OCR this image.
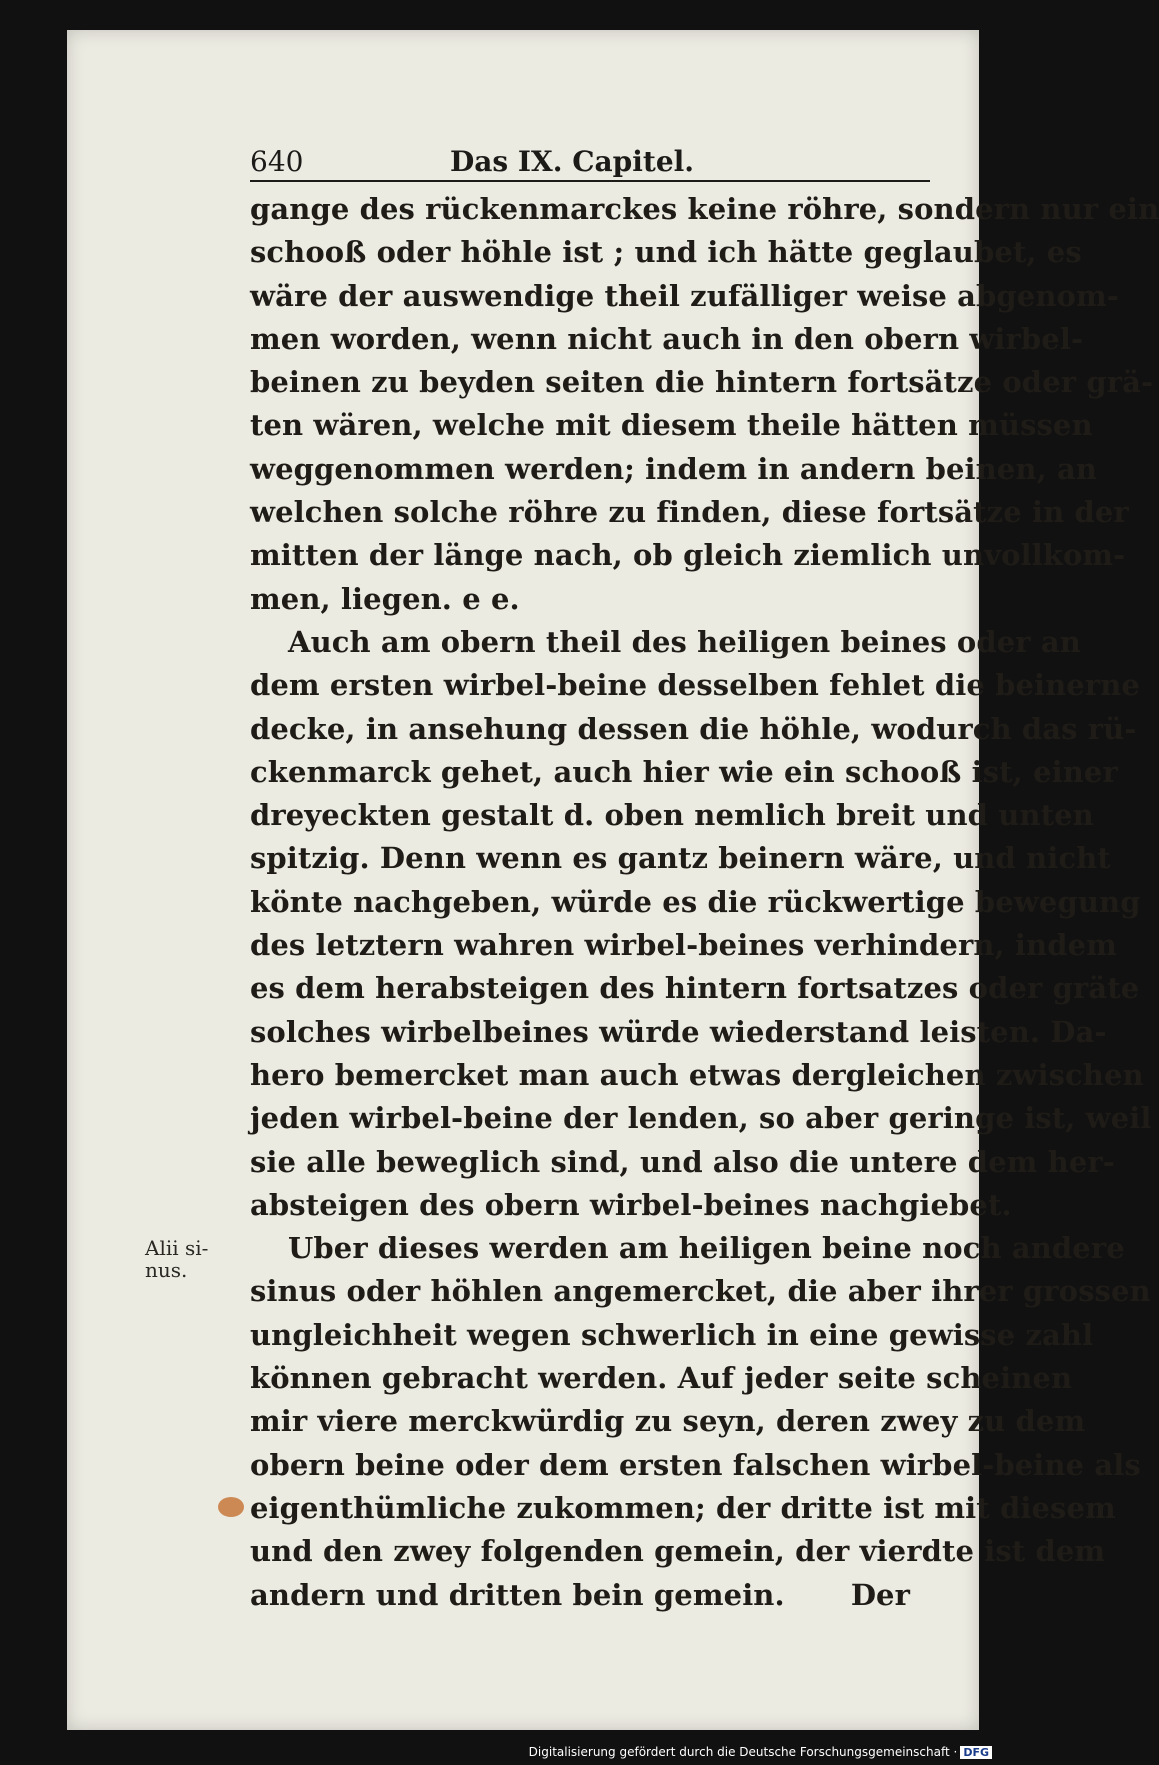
640	Das IX. Capitel.
Alii si-
nus.
gange des rückenmarckes keine röhre, sondern nur ein
schooß oder höhle ist ; und ich hätte geglaubet, es
wäre der auswendige theil zufälliger weise abgenom-
men worden, wenn nicht auch in den obern wirbel-
beinen zu beyden seiten die hintern fortsätze oder grä-
ten wären, welche mit diesem theile hätten müssen
weggenommen werden; indem in andern beinen, an
welchen solche röhre zu finden, diese fortsätze in der
mitten der länge nach, ob gleich ziemlich unvollkom-
men, liegen. e e.
Auch am obern theil des heiligen beines oder an
dem ersten wirbel-beine desselben fehlet die beinerne
decke, in ansehung dessen die höhle, wodurch das rü-
ckenmarck gehet, auch hier wie ein schooß ist, einer
dreyeckten gestalt d. oben nemlich breit und unten
spitzig. Denn wenn es gantz beinern wäre, und nicht
könte nachgeben, würde es die rückwertige bewegung
des letztern wahren wirbel-beines verhindern, indem
es dem herabsteigen des hintern fortsatzes oder gräte
solches wirbelbeines würde wiederstand leisten. Da-
hero bemercket man auch etwas dergleichen zwischen
jeden wirbel-beine der lenden, so aber geringe ist, weil
sie alle beweglich sind, und also die untere dem her-
absteigen des obern wirbel-beines nachgiebet.
Uber dieses werden am heiligen beine noch andere
sinus oder höhlen angemercket, die aber ihrer grossen
ungleichheit wegen schwerlich in eine gewisse zahl
können gebracht werden. Auf jeder seite scheinen
mir viere merckwürdig zu seyn, deren zwey zu dem
obern beine oder dem ersten falschen wirbel-beine als
eigenthümliche zukommen; der dritte ist mit diesem
und den zwey folgenden gemein, der vierdte ist dem
andern und dritten bein gemein. Der
Digitalisierung gefördert durch die Deutsche Forschungsgemeinschaft · DFG
